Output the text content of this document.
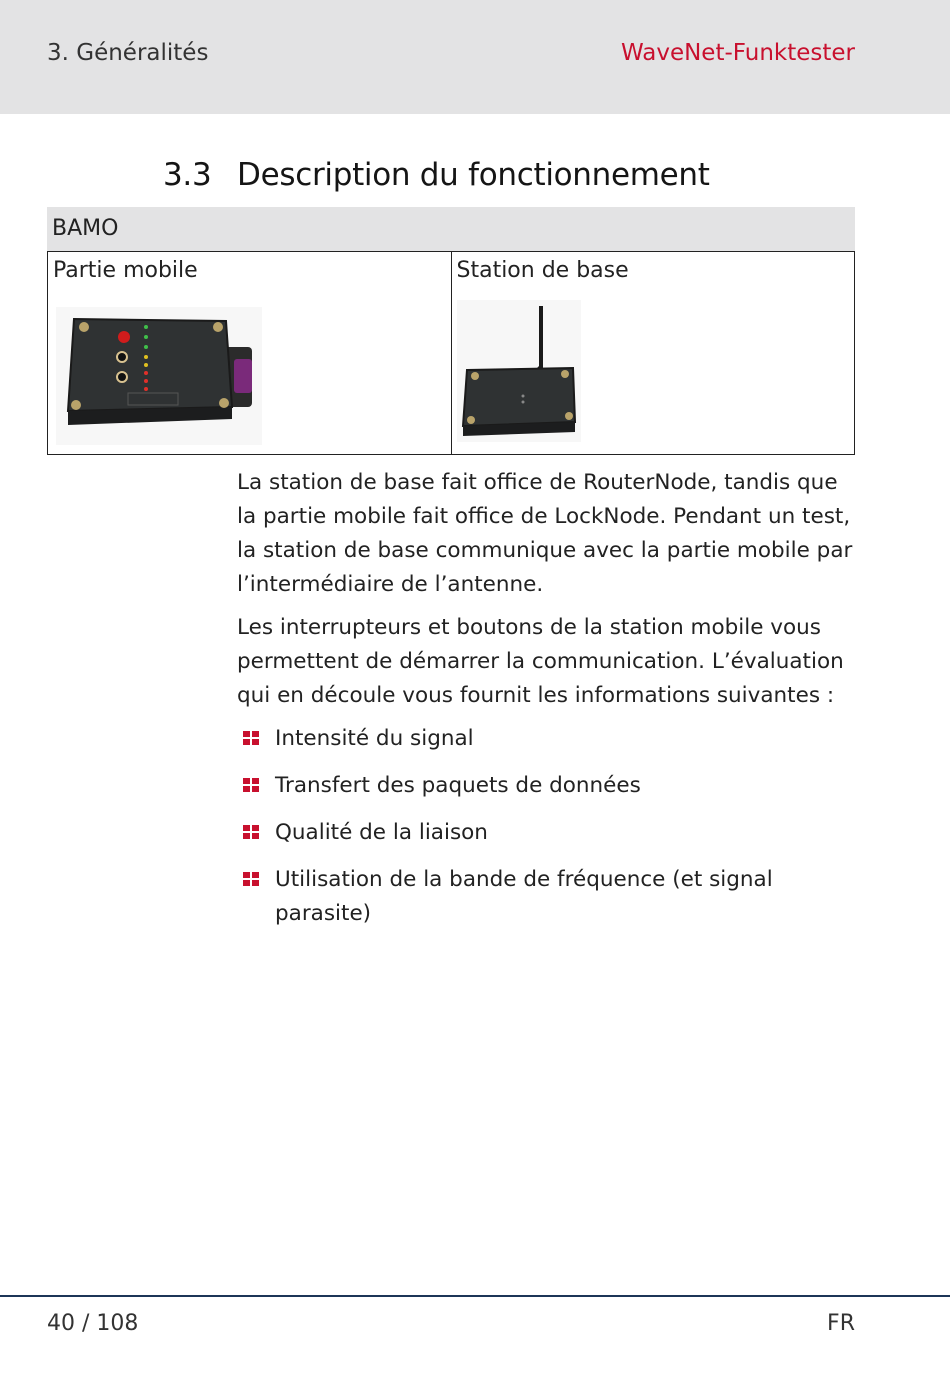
3. Généralités	WaveNet-Funktester
3.3 Description du fonctionnement
BAMO
Partie mobile	Station de base

La station de base fait office de RouterNode, tandis que la partie mobile fait office de LockNode. Pendant un test, la station de base communique avec la partie mobile par l’intermédiaire de l’antenne.

Les interrupteurs et boutons de la station mobile vous permettent de démarrer la communication. L’évaluation qui en découle vous fournit les informations suivantes :

Intensité du signal
Transfert des paquets de données
Qualité de la liaison
Utilisation de la bande de fréquence (et signal parasite)
40 / 108	FR
